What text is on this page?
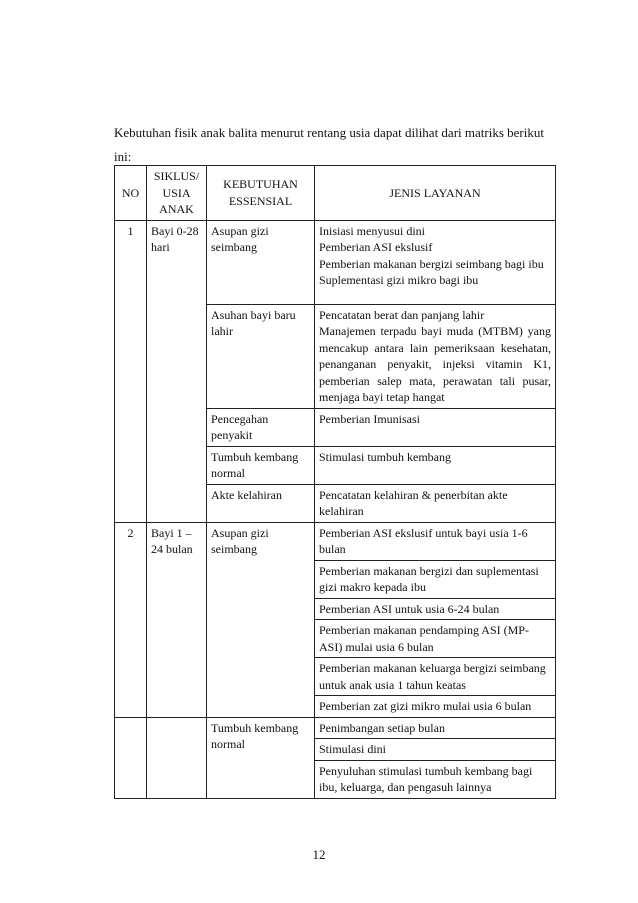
Kebutuhan fisik anak balita menurut rentang usia dapat dilihat dari matriks berikut ini:

NO	SIKLUS/ USIA ANAK	KEBUTUHAN ESSENSIAL	JENIS LAYANAN
1	Bayi 0-28 hari	Asupan gizi seimbang	Inisiasi menyusui dini
Pemberian ASI ekslusif
Pemberian makanan bergizi seimbang bagi ibu
Suplementasi gizi mikro bagi ibu

		Asuhan bayi baru lahir	Pencatatan berat dan panjang lahir
Manajemen terpadu bayi muda (MTBM) yang mencakup antara lain pemeriksaan kesehatan, penanganan penyakit, injeksi vitamin K1, pemberian salep mata, perawatan tali pusar, menjaga bayi tetap hangat

		Pencegahan penyakit	Pemberian Imunisasi
		Tumbuh kembang normal	Stimulasi tumbuh kembang
		Akte kelahiran	Pencatatan kelahiran & penerbitan akte kelahiran
2	Bayi 1 – 24 bulan	Asupan gizi seimbang	Pemberian ASI ekslusif untuk bayi usia 1-6 bulan
			Pemberian makanan bergizi dan suplementasi gizi makro kepada ibu
			Pemberian ASI untuk usia 6-24 bulan
			Pemberian makanan pendamping ASI (MP-ASI) mulai usia 6 bulan
			Pemberian makanan keluarga bergizi seimbang untuk anak usia 1 tahun keatas
			Pemberian zat gizi mikro mulai usia 6 bulan
		Tumbuh kembang normal	Penimbangan setiap bulan
			Stimulasi dini
			Penyuluhan stimulasi tumbuh kembang bagi ibu, keluarga, dan pengasuh lainnya
12
